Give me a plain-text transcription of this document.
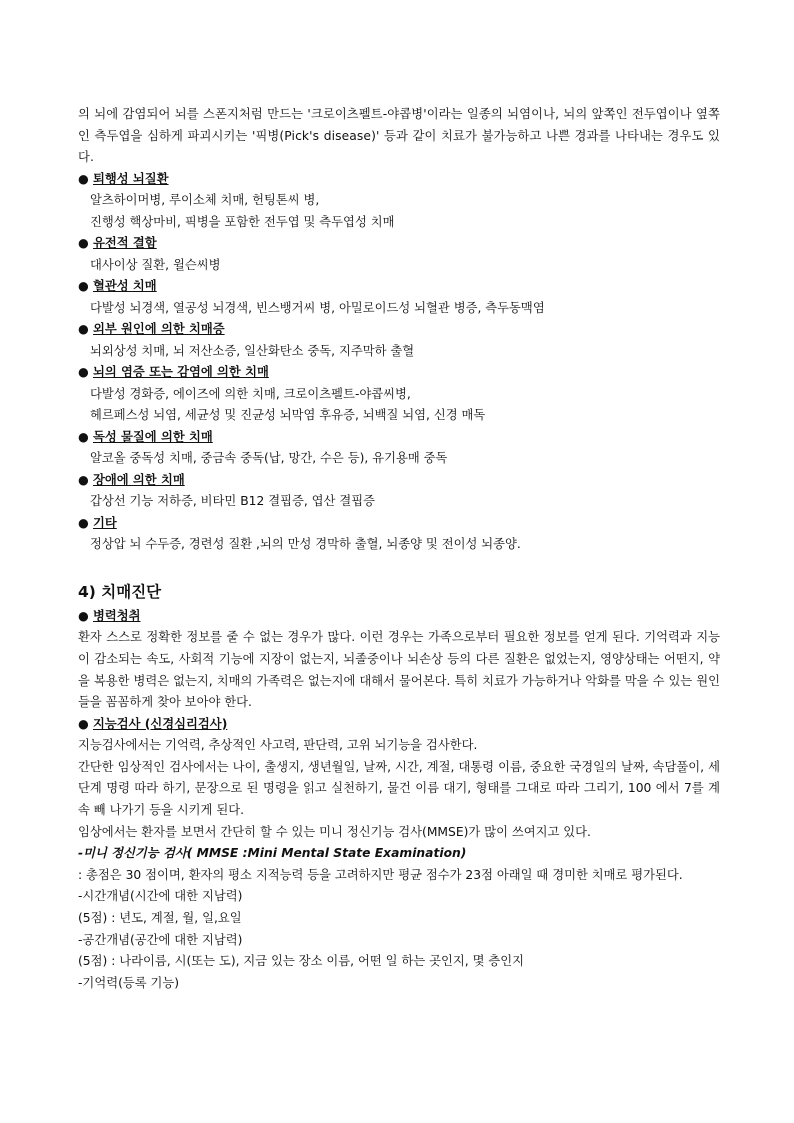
의 뇌에 감염되어 뇌를 스폰지처럼 만드는 '크로이츠펠트-야콥병'이라는 일종의 뇌염이나, 뇌의 앞쪽인 전두엽이나 옆쪽인 측두엽을 심하게 파괴시키는 '픽병(Pick's disease)' 등과 같이 치료가 불가능하고 나쁜 경과를 나타내는 경우도 있다.

● 퇴행성 뇌질환

알츠하이머병, 루이소체 치매, 헌팅톤씨 병,

진행성 핵상마비, 픽병을 포함한 전두엽 및 측두엽성 치매

● 유전적 결함

대사이상 질환, 윌슨씨병

● 혈관성 치매

다발성 뇌경색, 열공성 뇌경색, 빈스뱅거씨 병, 아밀로이드성 뇌혈관 병증, 측두동맥염

● 외부 원인에 의한 치매증

뇌외상성 치매, 뇌 저산소증, 일산화탄소 중독, 지주막하 출혈

● 뇌의 염증 또는 감염에 의한 치매

다발성 경화증, 에이즈에 의한 치매, 크로이츠펠트-야콥씨병,

헤르페스성 뇌염, 세균성 및 진균성 뇌막염 후유증, 뇌백질 뇌염, 신경 매독

● 독성 물질에 의한 치매

알코올 중독성 치매, 중금속 중독(납, 망간, 수은 등), 유기용매 중독

● 장애에 의한 치매

갑상선 기능 저하증, 비타민 B12 결핍증, 엽산 결핍증

● 기타

정상압 뇌 수두증, 경련성 질환 ,뇌의 만성 경막하 출혈, 뇌종양 및 전이성 뇌종양.

4) 치매진단

● 병력청취

환자 스스로 정확한 정보를 줄 수 없는 경우가 많다. 이런 경우는 가족으로부터 필요한 정보를 얻게 된다. 기억력과 지능이 감소되는 속도, 사회적 기능에 지장이 없는지, 뇌졸중이나 뇌손상 등의 다른 질환은 없었는지, 영양상태는 어떤지, 약을 복용한 병력은 없는지, 치매의 가족력은 없는지에 대해서 물어본다. 특히 치료가 가능하거나 악화를 막을 수 있는 원인들을 꼼꼼하게 찾아 보아야 한다.

● 지능검사 (신경심리검사)

지능검사에서는 기억력, 추상적인 사고력, 판단력, 고위 뇌기능을 검사한다.

간단한 임상적인 검사에서는 나이, 출생지, 생년월일, 날짜, 시간, 계절, 대통령 이름, 중요한 국경일의 날짜, 속담풀이, 세 단계 명령 따라 하기, 문장으로 된 명령을 읽고 실천하기, 물건 이름 대기, 형태를 그대로 따라 그리기, 100 에서 7를 계속 빼 나가기 등을 시키게 된다.

임상에서는 환자를 보면서 간단히 할 수 있는 미니 정신기능 검사(MMSE)가 많이 쓰여지고 있다.

-미니 정신기능 검사( MMSE :Mini Mental State Examination)

: 총점은 30 점이며, 환자의 평소 지적능력 등을 고려하지만 평균 점수가 23점 아래일 때 경미한 치매로 평가된다.

-시간개념(시간에 대한 지남력)

(5점) : 년도, 계절, 월, 일,요일

-공간개념(공간에 대한 지남력)

(5점) : 나라이름, 시(또는 도), 지금 있는 장소 이름, 어떤 일 하는 곳인지, 몇 층인지

-기억력(등록 기능)
